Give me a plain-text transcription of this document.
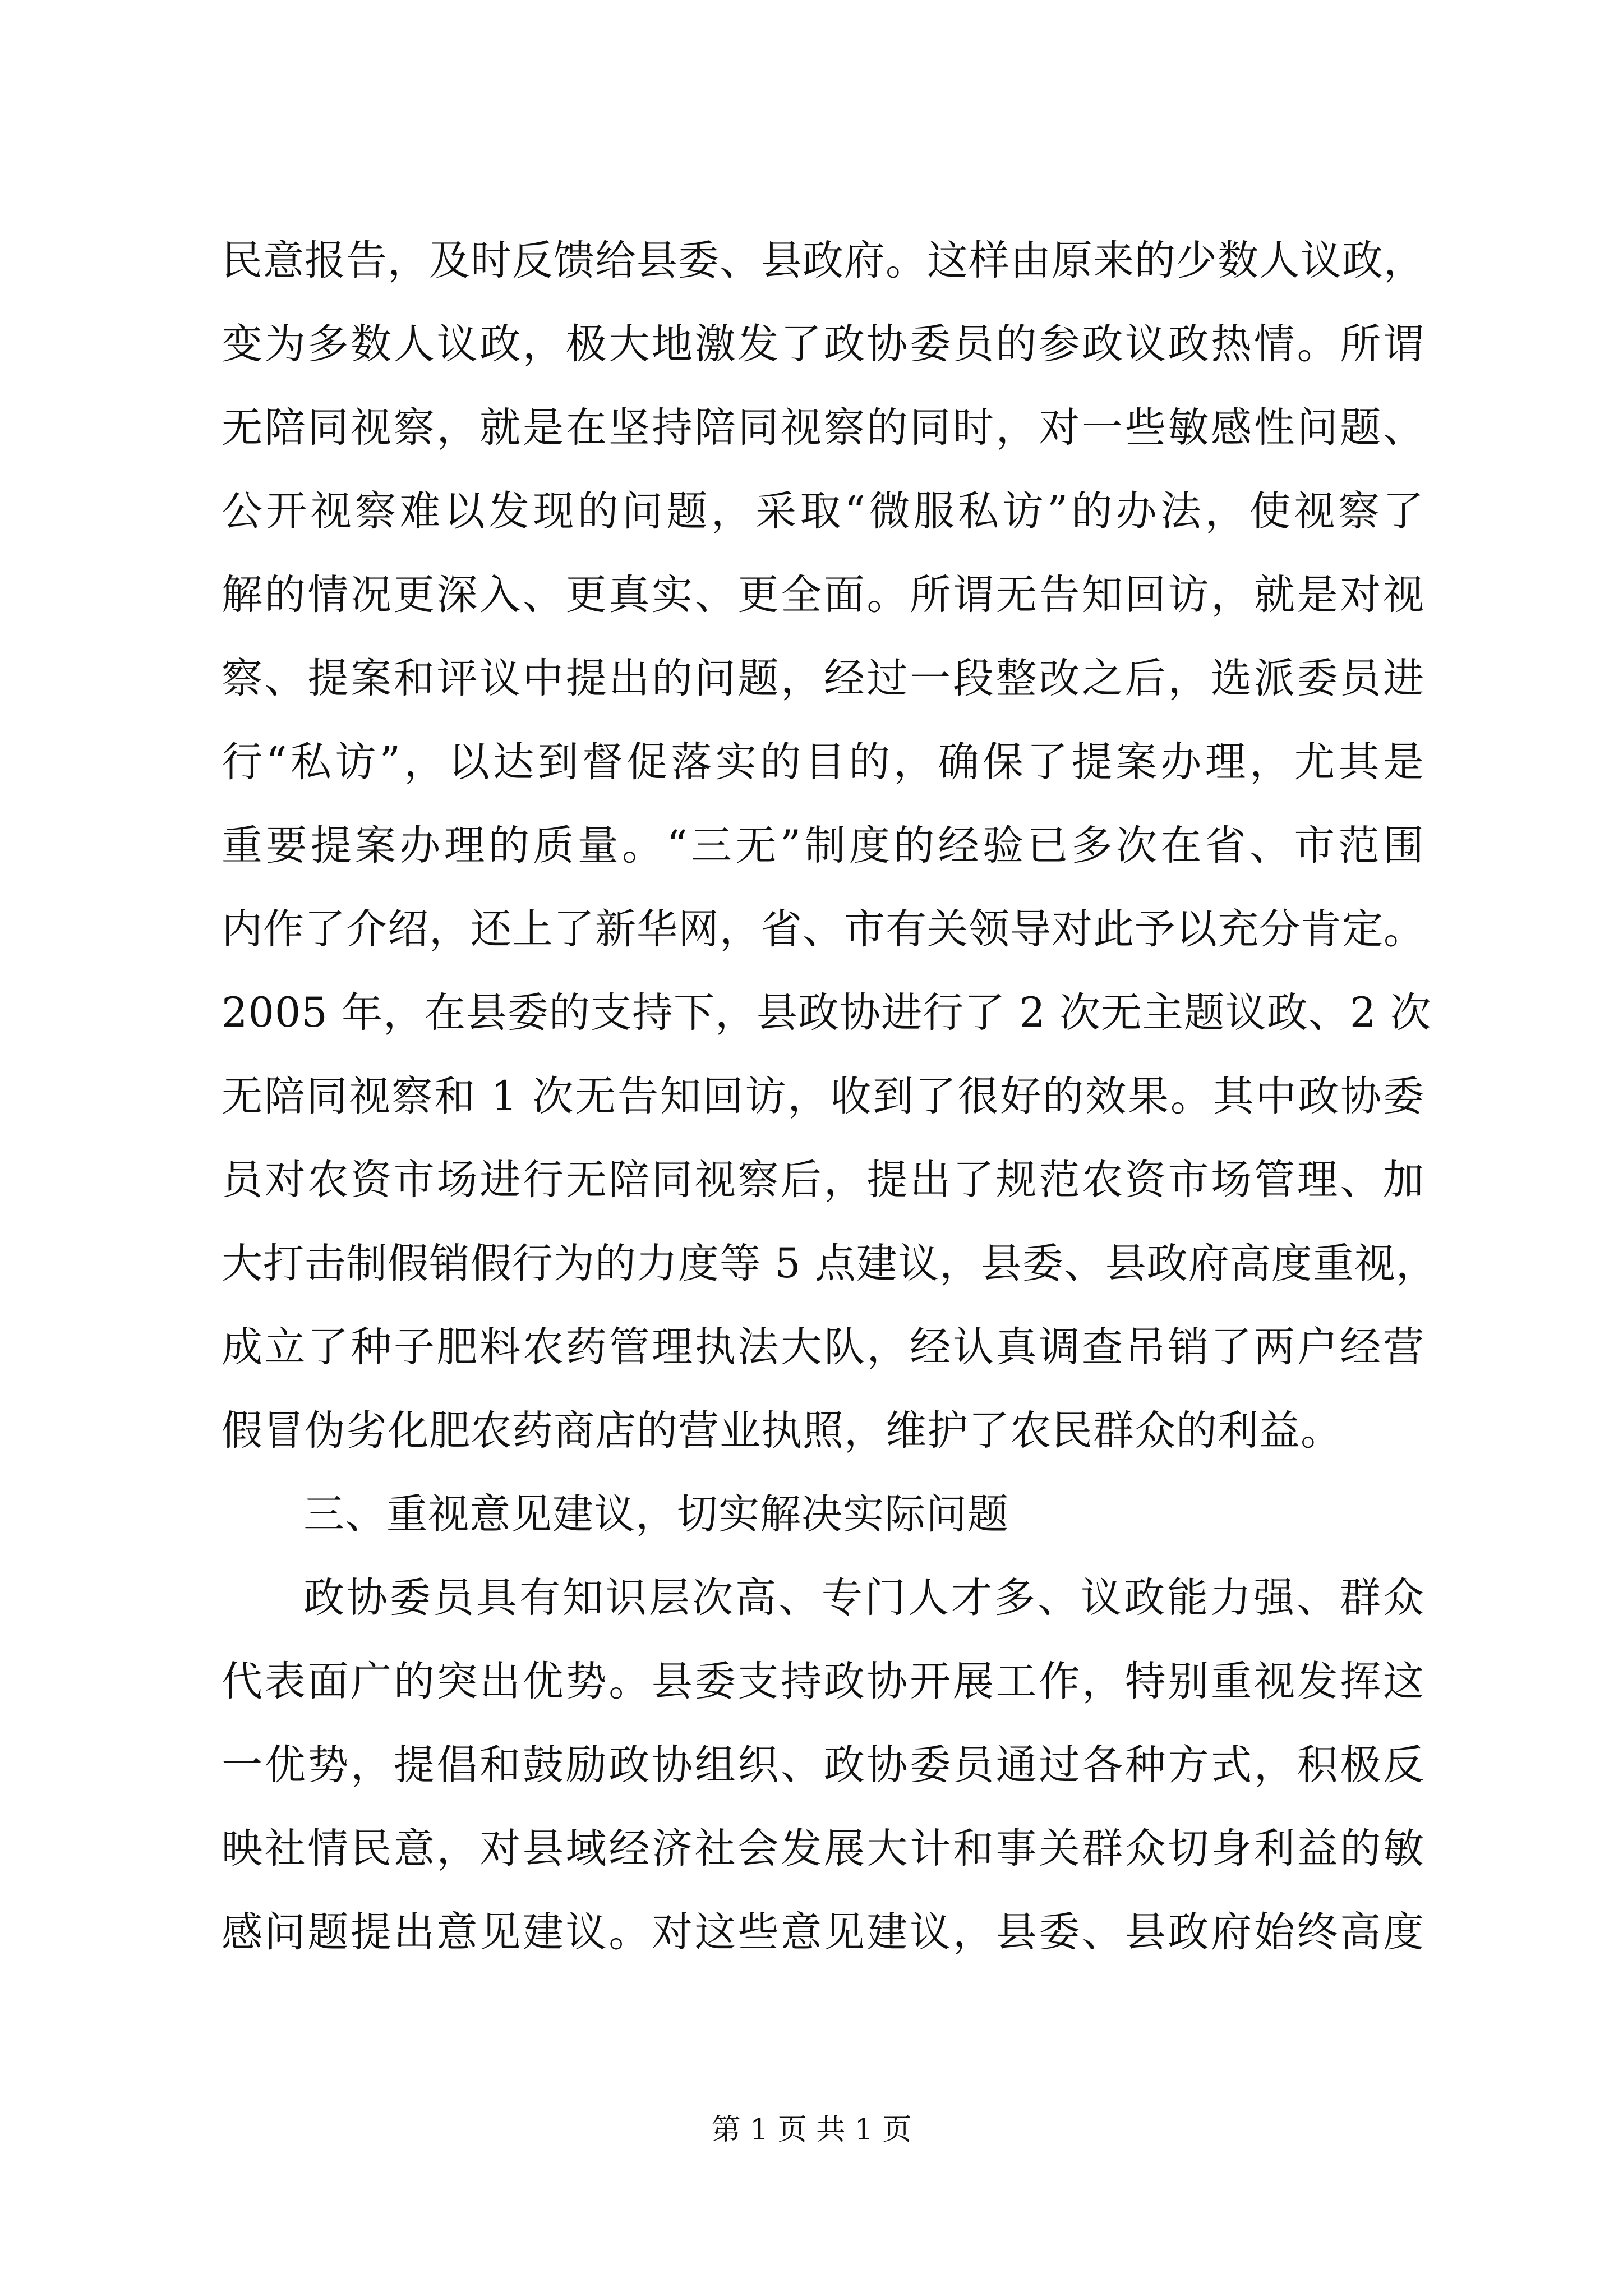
民意报告，及时反馈给县委、县政府。这样由原来的少数人议政，
变为多数人议政，极大地激发了政协委员的参政议政热情。所谓
无陪同视察，就是在坚持陪同视察的同时，对一些敏感性问题、
公开视察难以发现的问题，采取“微服私访”的办法，使视察了
解的情况更深入、更真实、更全面。所谓无告知回访，就是对视
察、提案和评议中提出的问题，经过一段整改之后，选派委员进
行“私访”，以达到督促落实的目的，确保了提案办理，尤其是
重要提案办理的质量。“三无”制度的经验已多次在省、市范围
内作了介绍，还上了新华网，省、市有关领导对此予以充分肯定。
2005 年，在县委的支持下，县政协进行了 2 次无主题议政、2 次
无陪同视察和 1 次无告知回访，收到了很好的效果。其中政协委
员对农资市场进行无陪同视察后，提出了规范农资市场管理、加
大打击制假销假行为的力度等 5 点建议，县委、县政府高度重视，
成立了种子肥料农药管理执法大队，经认真调查吊销了两户经营
假冒伪劣化肥农药商店的营业执照，维护了农民群众的利益。
三、重视意见建议，切实解决实际问题
政协委员具有知识层次高、专门人才多、议政能力强、群众
代表面广的突出优势。县委支持政协开展工作，特别重视发挥这
一优势，提倡和鼓励政协组织、政协委员通过各种方式，积极反
映社情民意，对县域经济社会发展大计和事关群众切身利益的敏
感问题提出意见建议。对这些意见建议，县委、县政府始终高度
第 1 页 共 1 页
